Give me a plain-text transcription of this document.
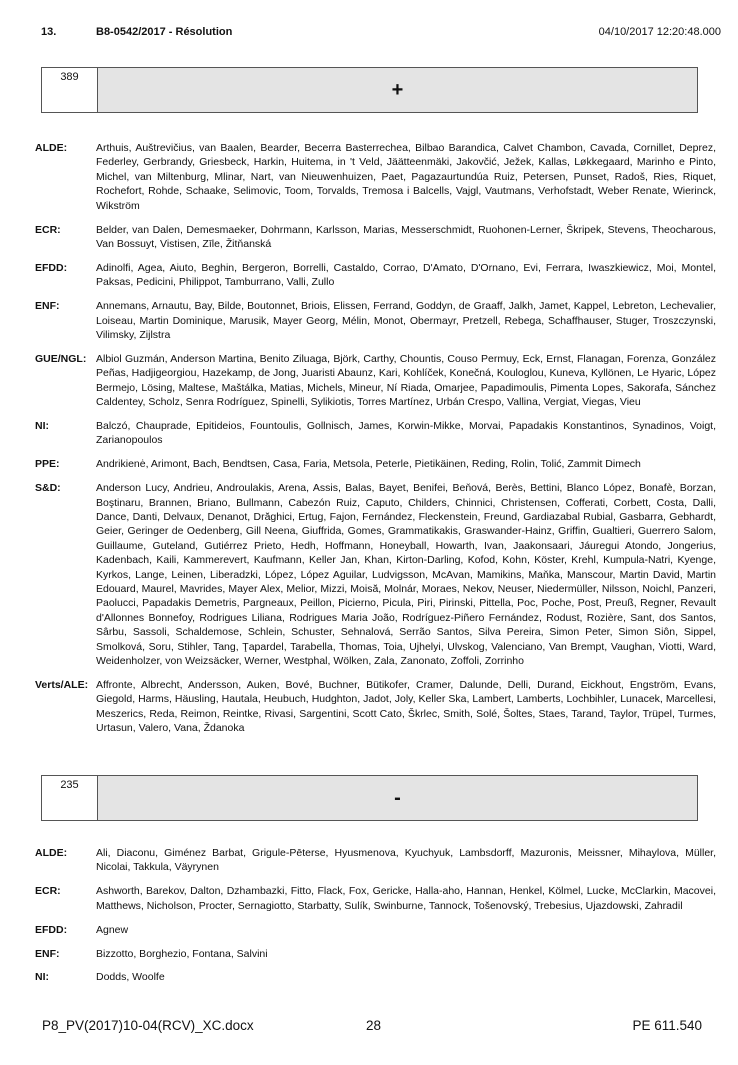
13.	B8-0542/2017 - Résolution	04/10/2017 12:20:48.000
389
+
ALDE:	Arthuis, Auštrevičius, van Baalen, Bearder, Becerra Basterrechea, Bilbao Barandica, Calvet Chambon, Cavada, Cornillet, Deprez, Federley, Gerbrandy, Griesbeck, Harkin, Huitema, in 't Veld, Jäätteenmäki, Jakovčić, Ježek, Kallas, Løkkegaard, Marinho e Pinto, Michel, van Miltenburg, Mlinar, Nart, van Nieuwenhuizen, Paet, Pagazaurtundúa Ruiz, Petersen, Punset, Radoš, Ries, Riquet, Rochefort, Rohde, Schaake, Selimovic, Toom, Torvalds, Tremosa i Balcells, Vajgl, Vautmans, Verhofstadt, Weber Renate, Wierinck, Wikström
ECR:	Belder, van Dalen, Demesmaeker, Dohrmann, Karlsson, Marias, Messerschmidt, Ruohonen-Lerner, Škripek, Stevens, Theocharous, Van Bossuyt, Vistisen, Zīle, Žitňanská
EFDD:	Adinolfi, Agea, Aiuto, Beghin, Bergeron, Borrelli, Castaldo, Corrao, D'Amato, D'Ornano, Evi, Ferrara, Iwaszkiewicz, Moi, Montel, Paksas, Pedicini, Philippot, Tamburrano, Valli, Zullo
ENF:	Annemans, Arnautu, Bay, Bilde, Boutonnet, Briois, Elissen, Ferrand, Goddyn, de Graaff, Jalkh, Jamet, Kappel, Lebreton, Lechevalier, Loiseau, Martin Dominique, Marusik, Mayer Georg, Mélin, Monot, Obermayr, Pretzell, Rebega, Schaffhauser, Stuger, Troszczynski, Vilimsky, Zijlstra
GUE/NGL: Albiol Guzmán, Anderson Martina, Benito Ziluaga, Björk, Carthy, Chountis, Couso Permuy, Eck, Ernst, Flanagan, Forenza, González Peñas, Hadjigeorgiou, Hazekamp, de Jong, Juaristi Abaunz, Kari, Kohlíček, Konečná, Kouloglou, Kuneva, Kyllönen, Le Hyaric, López Bermejo, Lösing, Maltese, Maštálka, Matias, Michels, Mineur, Ní Riada, Omarjee, Papadimoulis, Pimenta Lopes, Sakorafa, Sánchez Caldentey, Scholz, Senra Rodríguez, Spinelli, Sylikiotis, Torres Martínez, Urbán Crespo, Vallina, Vergiat, Viegas, Vieu
NI:	Balczó, Chauprade, Epitideios, Fountoulis, Gollnisch, James, Korwin-Mikke, Morvai, Papadakis Konstantinos, Synadinos, Voigt, Zarianopoulos
PPE:	Andrikienė, Arimont, Bach, Bendtsen, Casa, Faria, Metsola, Peterle, Pietikäinen, Reding, Rolin, Tolić, Zammit Dimech
S&D:	Anderson Lucy, Andrieu, Androulakis, Arena, Assis, Balas, Bayet, Benifei, Beňová, Berès, Bettini, Blanco López, Bonafè, Borzan, Boştinaru, Brannen, Briano, Bullmann, Cabezón Ruiz, Caputo, Childers, Chinnici, Christensen, Cofferati, Corbett, Costa, Dalli, Dance, Danti, Delvaux, Denanot, Drăghici, Ertug, Fajon, Fernández, Fleckenstein, Freund, Gardiazabal Rubial, Gasbarra, Gebhardt, Geier, Geringer de Oedenberg, Gill Neena, Giuffrida, Gomes, Grammatikakis, Graswander-Hainz, Griffin, Gualtieri, Guerrero Salom, Guillaume, Guteland, Gutiérrez Prieto, Hedh, Hoffmann, Honeyball, Howarth, Ivan, Jaakonsaari, Jáuregui Atondo, Jongerius, Kadenbach, Kaili, Kammerevert, Kaufmann, Keller Jan, Khan, Kirton-Darling, Kofod, Kohn, Köster, Krehl, Kumpula-Natri, Kyenge, Kyrkos, Lange, Leinen, Liberadzki, López, López Aguilar, Ludvigsson, McAvan, Mamikins, Maňka, Manscour, Martin David, Martin Edouard, Maurel, Mavrides, Mayer Alex, Melior, Mizzi, Moisă, Molnár, Moraes, Nekov, Neuser, Niedermüller, Nilsson, Noichl, Panzeri, Paolucci, Papadakis Demetris, Pargneaux, Peillon, Picierno, Picula, Piri, Pirinski, Pittella, Poc, Poche, Post, Preuß, Regner, Revault d'Allonnes Bonnefoy, Rodrigues Liliana, Rodrigues Maria João, Rodríguez-Piñero Fernández, Rodust, Rozière, Sant, dos Santos, Sârbu, Sassoli, Schaldemose, Schlein, Schuster, Sehnalová, Serrão Santos, Silva Pereira, Simon Peter, Simon Siôn, Sippel, Smolková, Soru, Stihler, Tang, Ţapardel, Tarabella, Thomas, Toia, Ujhelyi, Ulvskog, Valenciano, Van Brempt, Vaughan, Viotti, Ward, Weidenholzer, von Weizsäcker, Werner, Westphal, Wölken, Zala, Zanonato, Zoffoli, Zorrinho
Verts/ALE: Affronte, Albrecht, Andersson, Auken, Bové, Buchner, Bütikofer, Cramer, Dalunde, Delli, Durand, Eickhout, Engström, Evans, Giegold, Harms, Häusling, Hautala, Heubuch, Hudghton, Jadot, Joly, Keller Ska, Lambert, Lamberts, Lochbihler, Lunacek, Marcellesi, Meszerics, Reda, Reimon, Reintke, Rivasi, Sargentini, Scott Cato, Škrlec, Smith, Solé, Šoltes, Staes, Tarand, Taylor, Trüpel, Turmes, Urtasun, Valero, Vana, Ždanoka
235
-
ALDE:	Ali, Diaconu, Giménez Barbat, Grigule-Pēterse, Hyusmenova, Kyuchyuk, Lambsdorff, Mazuronis, Meissner, Mihaylova, Müller, Nicolai, Takkula, Väyrynen
ECR:	Ashworth, Barekov, Dalton, Dzhambazki, Fitto, Flack, Fox, Gericke, Halla-aho, Hannan, Henkel, Kölmel, Lucke, McClarkin, Macovei, Matthews, Nicholson, Procter, Sernagiotto, Starbatty, Sulík, Swinburne, Tannock, Tošenovský, Trebesius, Ujazdowski, Zahradil
EFDD:	Agnew
ENF:	Bizzotto, Borghezio, Fontana, Salvini
NI:	Dodds, Woolfe
P8_PV(2017)10-04(RCV)_XC.docx	28	PE 611.540
